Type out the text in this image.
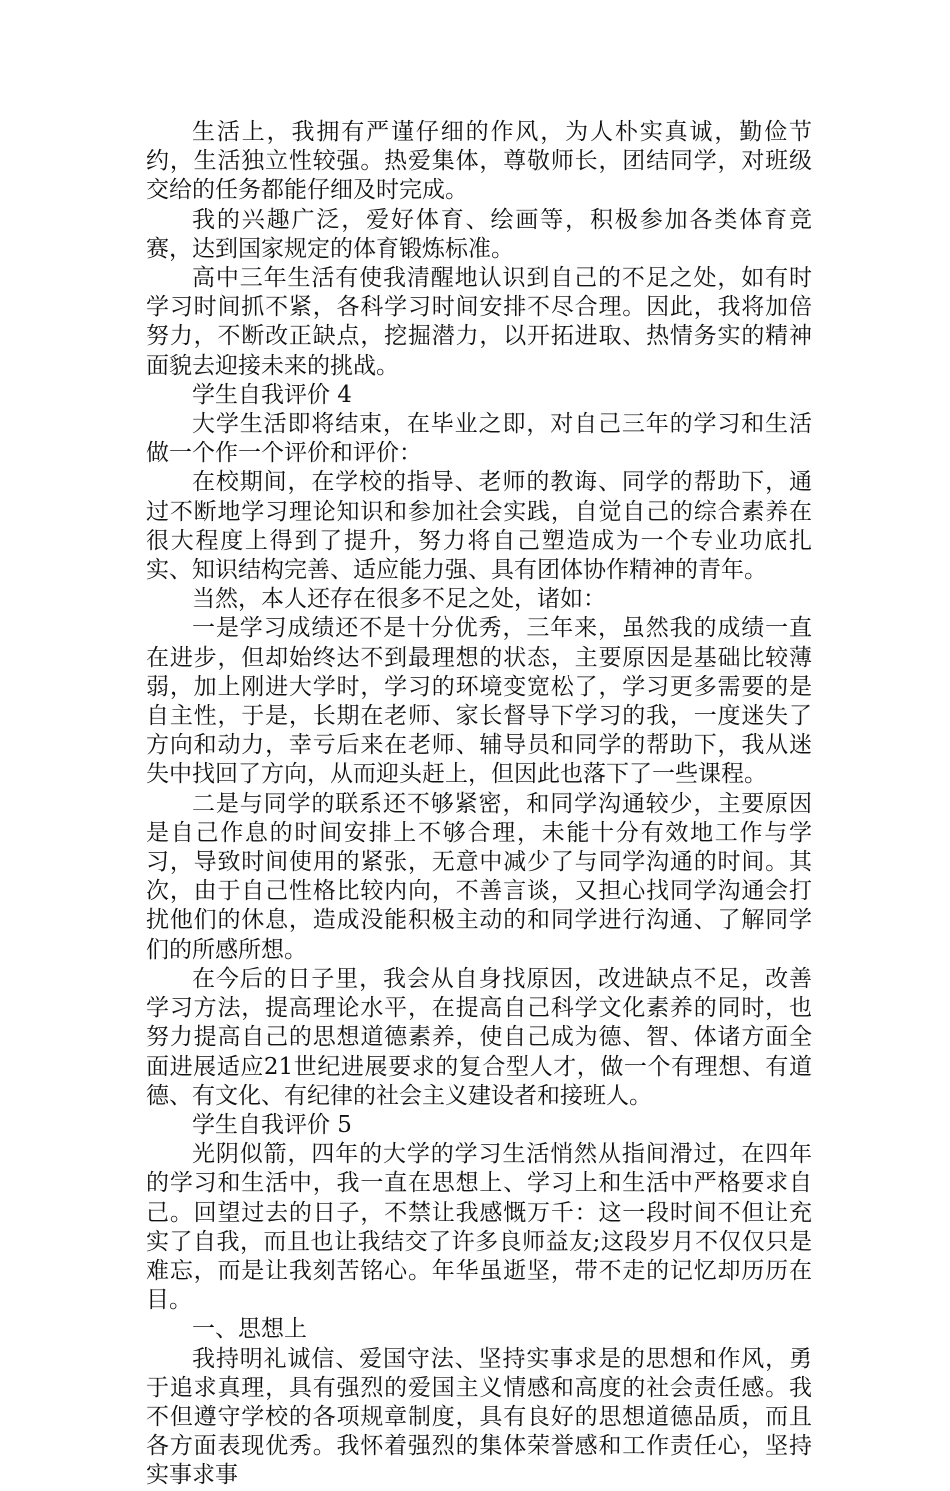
生活上，我拥有严谨仔细的作风，为人朴实真诚，勤俭节约，生活独立性较强。热爱集体，尊敬师长，团结同学，对班级交给的任务都能仔细及时完成。

我的兴趣广泛，爱好体育、绘画等，积极参加各类体育竞赛，达到国家规定的体育锻炼标准。

高中三年生活有使我清醒地认识到自己的不足之处，如有时学习时间抓不紧，各科学习时间安排不尽合理。因此，我将加倍努力，不断改正缺点，挖掘潜力，以开拓进取、热情务实的精神面貌去迎接未来的挑战。

学生自我评价 4

大学生活即将结束，在毕业之即，对自己三年的学习和生活做一个作一个评价和评价：

在校期间，在学校的指导、老师的教诲、同学的帮助下，通过不断地学习理论知识和参加社会实践，自觉自己的综合素养在很大程度上得到了提升，努力将自己塑造成为一个专业功底扎实、知识结构完善、适应能力强、具有团体协作精神的青年。

当然，本人还存在很多不足之处，诸如：

一是学习成绩还不是十分优秀，三年来，虽然我的成绩一直在进步，但却始终达不到最理想的状态，主要原因是基础比较薄弱，加上刚进大学时，学习的环境变宽松了，学习更多需要的是自主性，于是，长期在老师、家长督导下学习的我，一度迷失了方向和动力，幸亏后来在老师、辅导员和同学的帮助下，我从迷失中找回了方向，从而迎头赶上，但因此也落下了一些课程。

二是与同学的联系还不够紧密，和同学沟通较少，主要原因是自己作息的时间安排上不够合理，未能十分有效地工作与学习，导致时间使用的紧张，无意中减少了与同学沟通的时间。其次，由于自己性格比较内向，不善言谈，又担心找同学沟通会打扰他们的休息，造成没能积极主动的和同学进行沟通、了解同学们的所感所想。

在今后的日子里，我会从自身找原因，改进缺点不足，改善学习方法，提高理论水平，在提高自己科学文化素养的同时，也努力提高自己的思想道德素养，使自己成为德、智、体诸方面全面进展适应21世纪进展要求的复合型人才，做一个有理想、有道德、有文化、有纪律的社会主义建设者和接班人。

学生自我评价 5

光阴似箭，四年的大学的学习生活悄然从指间滑过，在四年的学习和生活中，我一直在思想上、学习上和生活中严格要求自己。回望过去的日子，不禁让我感慨万千：这一段时间不但让充实了自我，而且也让我结交了许多良师益友;这段岁月不仅仅只是难忘，而是让我刻苦铭心。年华虽逝坚，带不走的记忆却历历在目。

一、思想上

我持明礼诚信、爱国守法、坚持实事求是的思想和作风，勇于追求真理，具有强烈的爱国主义情感和高度的社会责任感。我不但遵守学校的各项规章制度，具有良好的思想道德品质，而且各方面表现优秀。我怀着强烈的集体荣誉感和工作责任心，坚持实事求事
